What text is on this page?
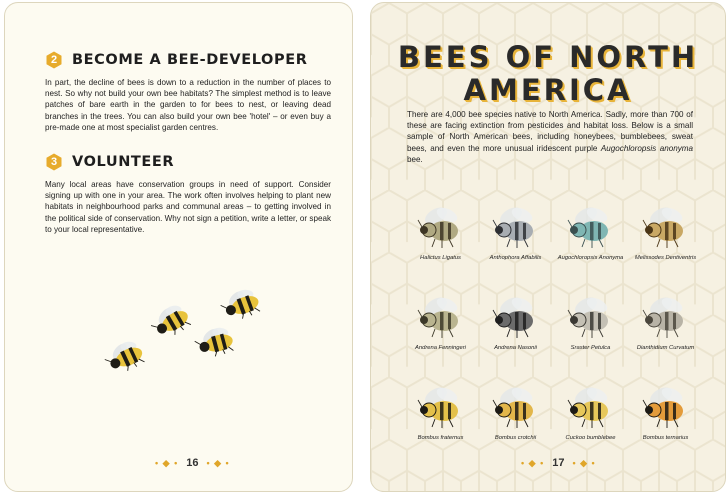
2	BECOME A BEE-DEVELOPER
In part, the decline of bees is down to a reduction in the number of places to nest. So why not build your own bee habitats? The simplest method is to leave patches of bare earth in the garden to for bees to nest, or leaving dead branches in the trees. You can also build your own bee 'hotel' – or even buy a pre-made one at most specialist garden centres.
3	VOLUNTEER
Many local areas have conservation groups in need of support. Consider signing up with one in your area. The work often involves helping to plant new habitats in neighbourhood parks and communal areas – to getting involved in the political side of conservation. Why not sign a petition, write a letter, or speak to your local representative.
• ◆ • 16 • ◆ •
BEES OF NORTH
AMERICA
There are 4,000 bee species native to North America. Sadly, more than 700 of these are facing extinction from pesticides and habitat loss. Below is a small sample of North American bees, including honeybees, bumblebees, sweat bees, and even the more unusual iridescent purple Augochloropsis anonyma bee.
Halictus Ligatus	Anthophora Affabilis	Augochloropsis Anonyma	Melissodes Dentiventris
Andrena Fenningeri	Andrena Nasonii	Sraster Petulca	Dianthidium Curvatum
Bombus fraternus	Bombus crotchii	Cuckoo bumblebee	Bombus ternarius
• ◆ • 17 • ◆ •
